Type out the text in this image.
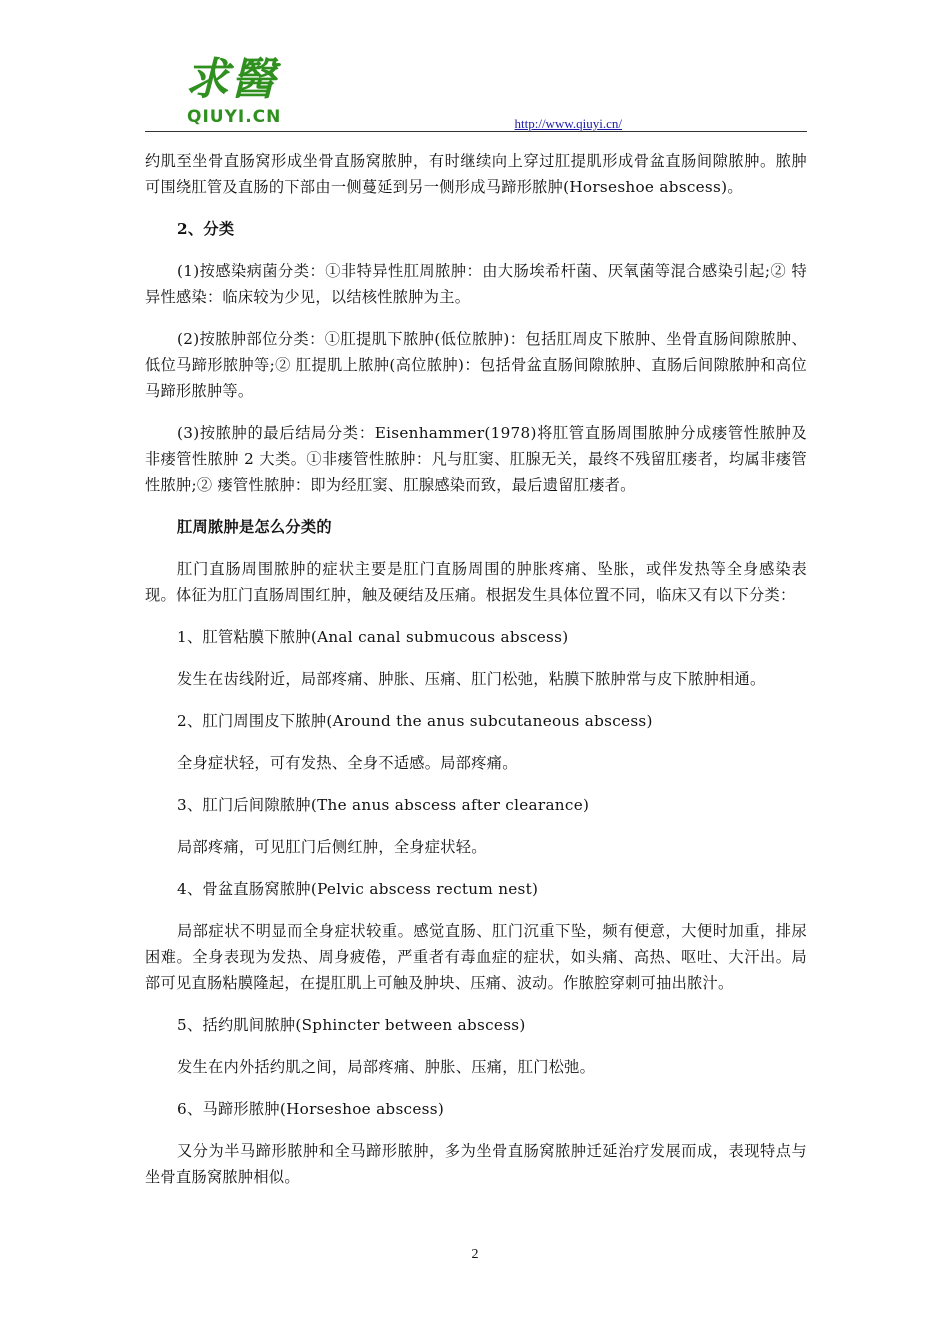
求醫
QIUYI.CN	http://www.qiuyi.cn/

约肌至坐骨直肠窝形成坐骨直肠窝脓肿，有时继续向上穿过肛提肌形成骨盆直肠间隙脓肿。脓肿可围绕肛管及直肠的下部由一侧蔓延到另一侧形成马蹄形脓肿(Horseshoe abscess)。

2、分类

(1)按感染病菌分类：①非特异性肛周脓肿：由大肠埃希杆菌、厌氧菌等混合感染引起;② 特异性感染：临床较为少见，以结核性脓肿为主。

(2)按脓肿部位分类：①肛提肌下脓肿(低位脓肿)：包括肛周皮下脓肿、坐骨直肠间隙脓肿、低位马蹄形脓肿等;② 肛提肌上脓肿(高位脓肿)：包括骨盆直肠间隙脓肿、直肠后间隙脓肿和高位马蹄形脓肿等。

(3)按脓肿的最后结局分类：Eisenhammer(1978)将肛管直肠周围脓肿分成瘘管性脓肿及非瘘管性脓肿 2 大类。①非瘘管性脓肿：凡与肛窦、肛腺无关，最终不残留肛瘘者，均属非瘘管性脓肿;② 瘘管性脓肿：即为经肛窦、肛腺感染而致，最后遗留肛瘘者。

肛周脓肿是怎么分类的

肛门直肠周围脓肿的症状主要是肛门直肠周围的肿胀疼痛、坠胀，或伴发热等全身感染表现。体征为肛门直肠周围红肿，触及硬结及压痛。根据发生具体位置不同，临床又有以下分类：

1、肛管粘膜下脓肿(Anal canal submucous abscess)

发生在齿线附近，局部疼痛、肿胀、压痛、肛门松弛，粘膜下脓肿常与皮下脓肿相通。

2、肛门周围皮下脓肿(Around the anus subcutaneous abscess)

全身症状轻，可有发热、全身不适感。局部疼痛。

3、肛门后间隙脓肿(The anus abscess after clearance)

局部疼痛，可见肛门后侧红肿，全身症状轻。

4、骨盆直肠窝脓肿(Pelvic abscess rectum nest)

局部症状不明显而全身症状较重。感觉直肠、肛门沉重下坠，频有便意，大便时加重，排尿困难。全身表现为发热、周身疲倦，严重者有毒血症的症状，如头痛、高热、呕吐、大汗出。局部可见直肠粘膜隆起，在提肛肌上可触及肿块、压痛、波动。作脓腔穿刺可抽出脓汁。

5、括约肌间脓肿(Sphincter between abscess)

发生在内外括约肌之间，局部疼痛、肿胀、压痛，肛门松弛。

6、马蹄形脓肿(Horseshoe abscess)

又分为半马蹄形脓肿和全马蹄形脓肿，多为坐骨直肠窝脓肿迁延治疗发展而成，表现特点与坐骨直肠窝脓肿相似。

2
